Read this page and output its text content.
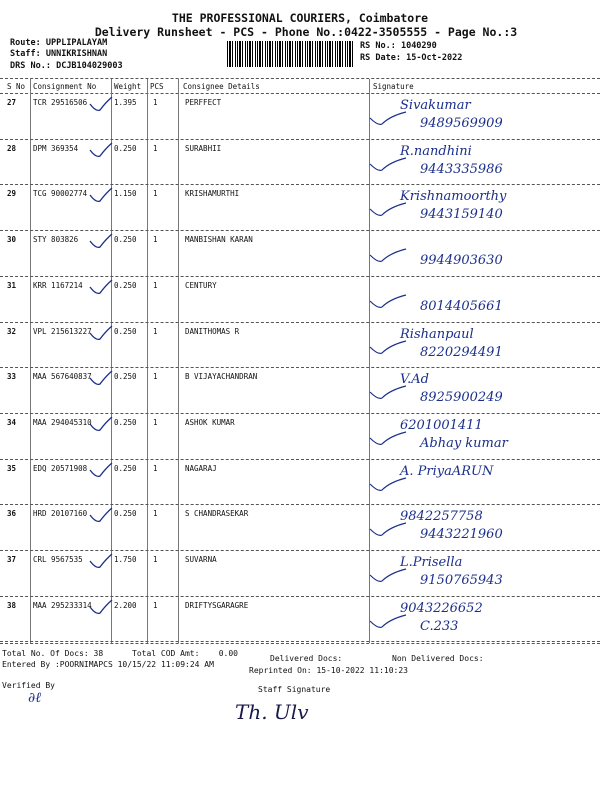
THE PROFESSIONAL COURIERS, Coimbatore
Delivery Runsheet - PCS - Phone No.:0422-3505555 - Page No.:3
Route: UPPLIPALAYAM
Staff: UNNIKRISHNAN
DRS No.: DCJB104029003
RS No.: 1040290
RS Date: 15-Oct-2022
S No Consignment No Weight PCS	Consignee Details	Signature
27 TCR 29516506	1.395 1	PERFFECT	Sivakumar
9489569909
28 DPM 369354	0.250 1	SURABHII	R.nandhini
9443335986
29 TCG 90002774	1.150 1	KRISHAMURTHI	Krishnamoorthy
9443159140
30 STY 803826	0.250 1	MANBISHAN KARAN
9944903630
31 KRR 1167214	0.250 1	CENTURY
8014405661
32 VPL 215613227	0.250 1	DANITHOMAS R	Rishanpaul
8220294491
33 MAA 567640837	0.250 1	B VIJAYACHANDRAN	V.Ad
8925900249
34 MAA 294045310	0.250 1	ASHOK KUMAR	6201001411
Abhay kumar
35 EDQ 20571908	0.250 1	NAGARAJ	A. PriyaARUN
36 HRD 20107160	0.250 1	S CHANDRASEKAR	9842257758
9443221960
37 CRL 9567535	1.750 1	SUVARNA	L.Prisella
9150765943
38 MAA 295233314	2.200 1	DRIFTYSGARAGRE	9043226652
C.233
Total No. Of Docs: 38	Total COD Amt: 0.00
Delivered Docs:	Non Delivered Docs:
Entered By :POORNIMAPCS 10/15/22 11:09:24 AM
Reprinted On: 15-10-2022 11:10:23
Verified By
∂ℓ
Staff Signature
Th. Ulv
